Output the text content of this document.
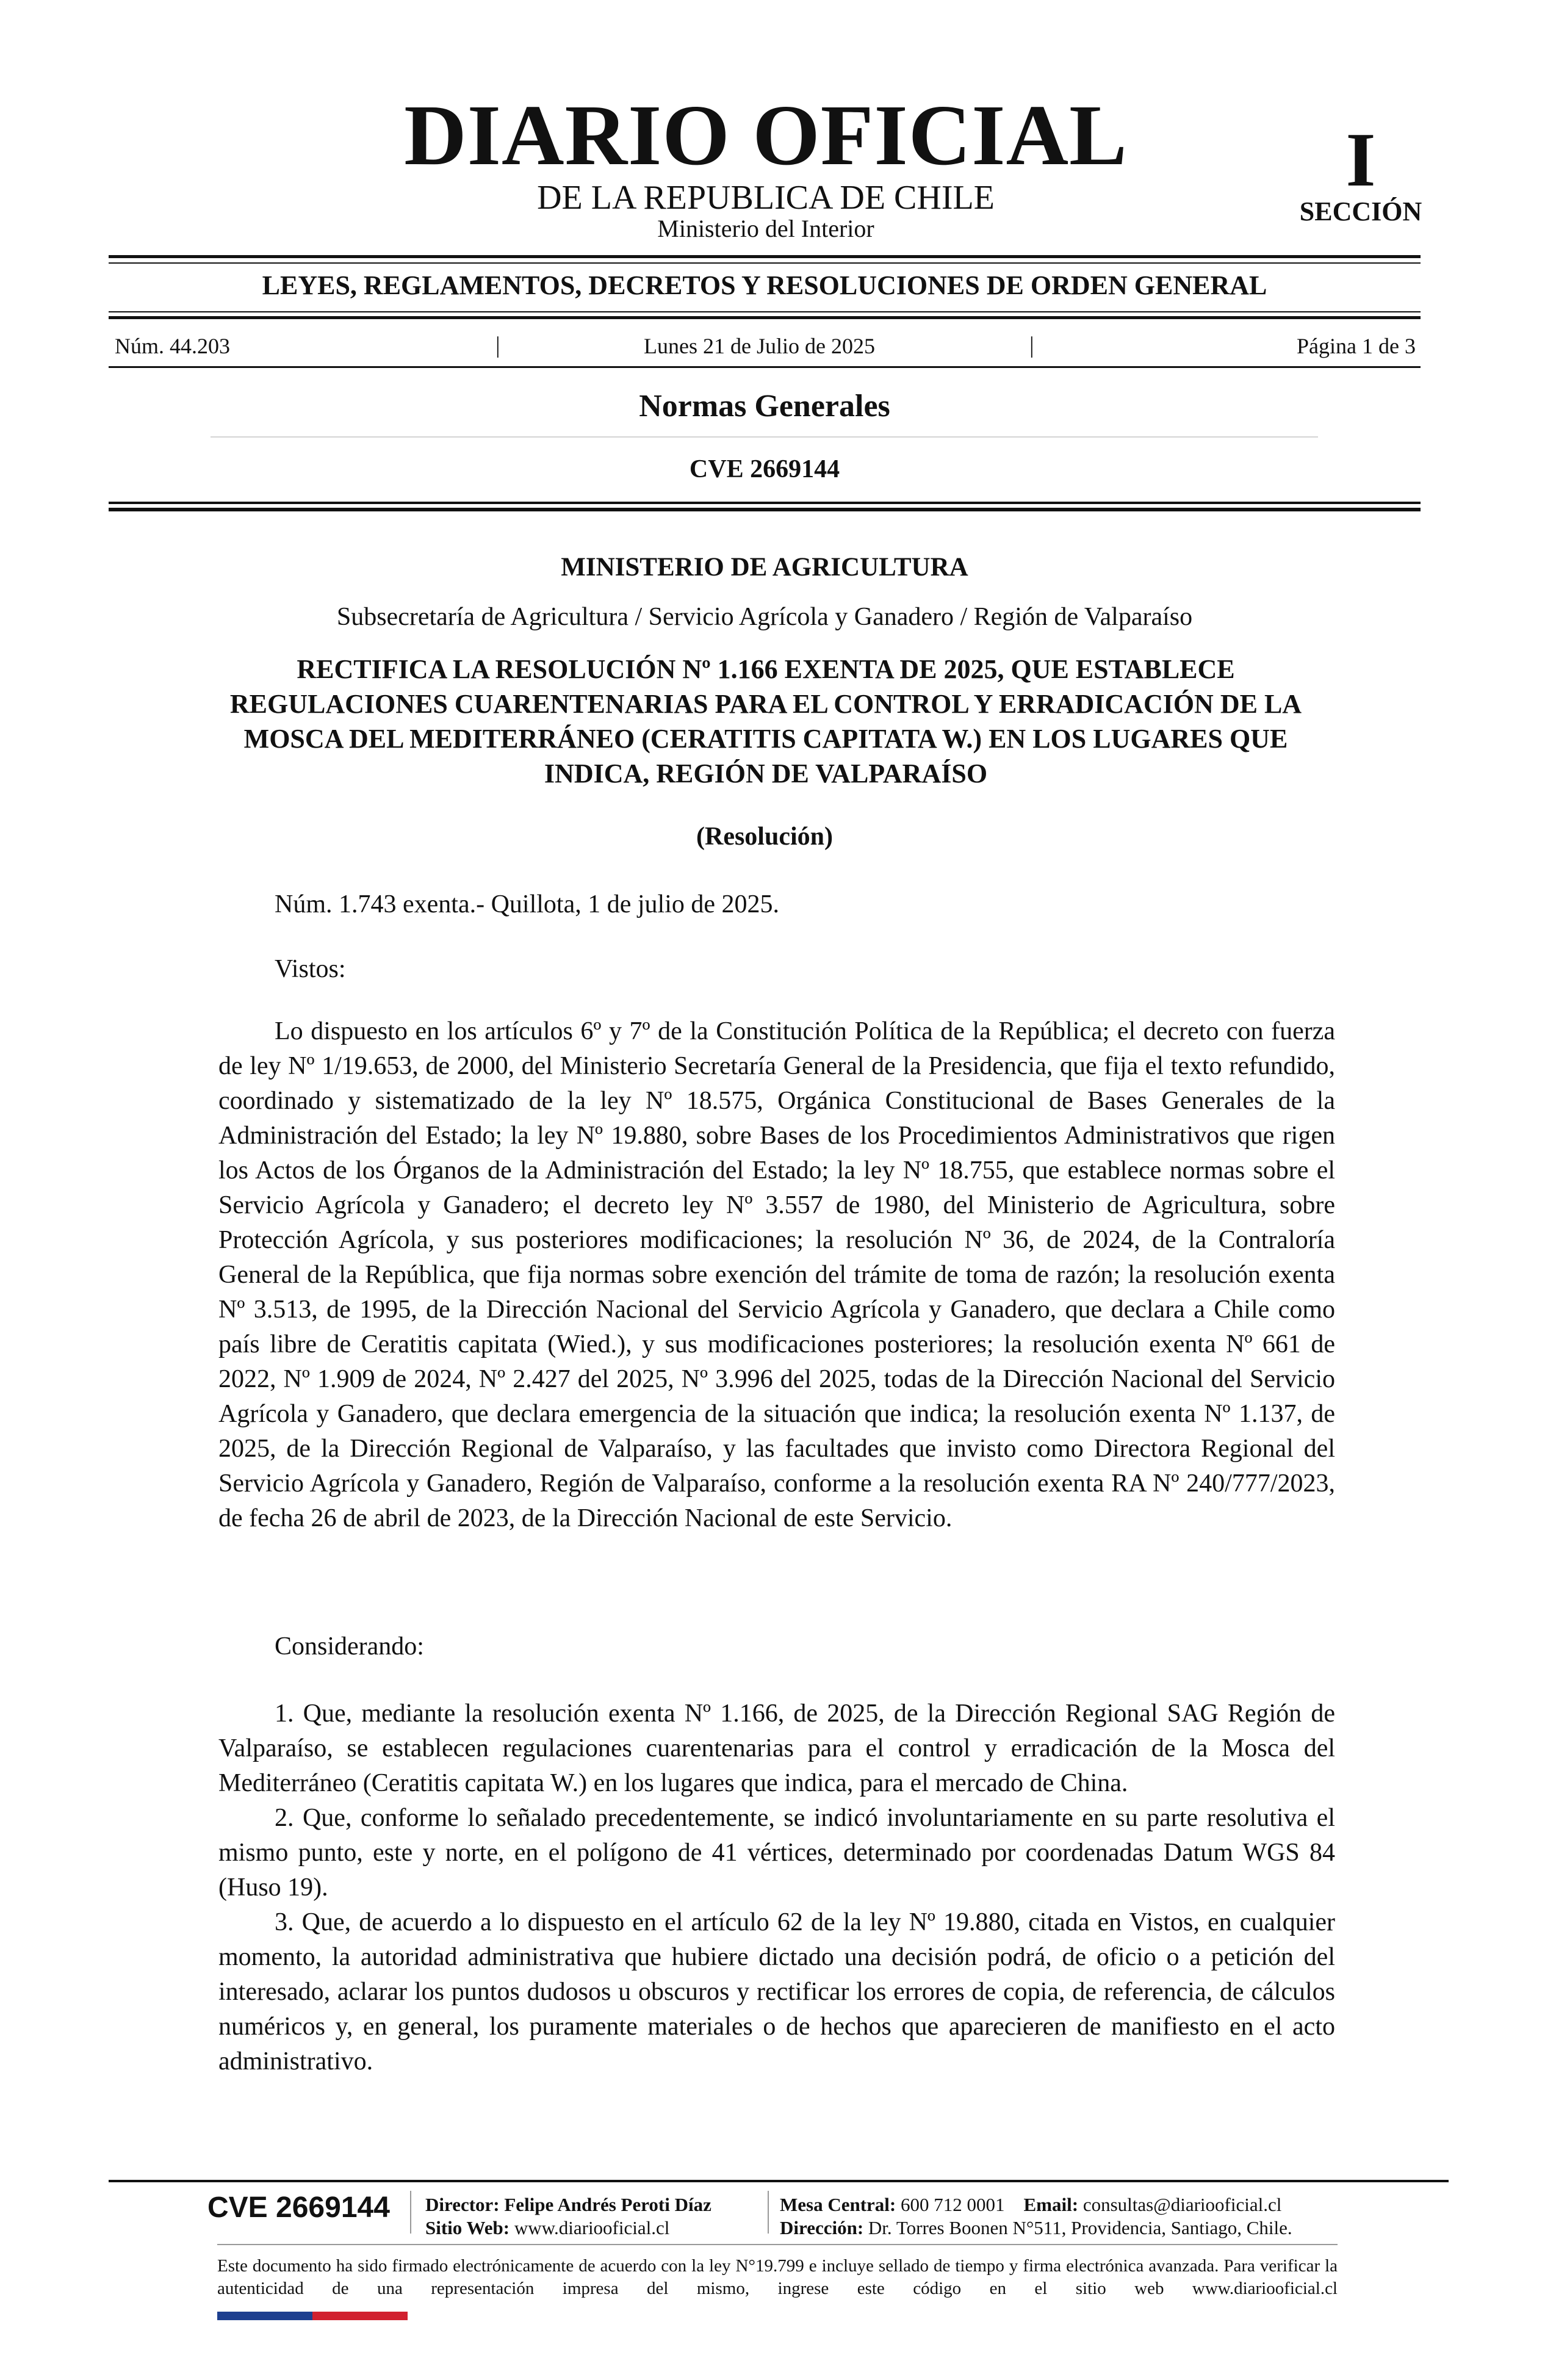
DIARIO OFICIAL
DE LA REPUBLICA DE CHILE
Ministerio del Interior
I
SECCIÓN
LEYES, REGLAMENTOS, DECRETOS Y RESOLUCIONES DE ORDEN GENERAL
Núm. 44.203	|	Lunes 21 de Julio de 2025	|	Página 1 de 3
Normas Generales
CVE 2669144
MINISTERIO DE AGRICULTURA
Subsecretaría de Agricultura / Servicio Agrícola y Ganadero / Región de Valparaíso
RECTIFICA LA RESOLUCIÓN Nº 1.166 EXENTA DE 2025, QUE ESTABLECE REGULACIONES CUARENTENARIAS PARA EL CONTROL Y ERRADICACIÓN DE LA MOSCA DEL MEDITERRÁNEO (CERATITIS CAPITATA W.) EN LOS LUGARES QUE INDICA, REGIÓN DE VALPARAÍSO
(Resolución)
Núm. 1.743 exenta.- Quillota, 1 de julio de 2025.
Vistos:
Lo dispuesto en los artículos 6º y 7º de la Constitución Política de la República; el decreto con fuerza de ley Nº 1/19.653, de 2000, del Ministerio Secretaría General de la Presidencia, que fija el texto refundido, coordinado y sistematizado de la ley Nº 18.575, Orgánica Constitucional de Bases Generales de la Administración del Estado; la ley Nº 19.880, sobre Bases de los Procedimientos Administrativos que rigen los Actos de los Órganos de la Administración del Estado; la ley Nº 18.755, que establece normas sobre el Servicio Agrícola y Ganadero; el decreto ley Nº 3.557 de 1980, del Ministerio de Agricultura, sobre Protección Agrícola, y sus posteriores modificaciones; la resolución Nº 36, de 2024, de la Contraloría General de la República, que fija normas sobre exención del trámite de toma de razón; la resolución exenta Nº 3.513, de 1995, de la Dirección Nacional del Servicio Agrícola y Ganadero, que declara a Chile como país libre de Ceratitis capitata (Wied.), y sus modificaciones posteriores; la resolución exenta Nº 661 de 2022, Nº 1.909 de 2024, Nº 2.427 del 2025, Nº 3.996 del 2025, todas de la Dirección Nacional del Servicio Agrícola y Ganadero, que declara emergencia de la situación que indica; la resolución exenta Nº 1.137, de 2025, de la Dirección Regional de Valparaíso, y las facultades que invisto como Directora Regional del Servicio Agrícola y Ganadero, Región de Valparaíso, conforme a la resolución exenta RA Nº 240/777/2023, de fecha 26 de abril de 2023, de la Dirección Nacional de este Servicio.
Considerando:

1. Que, mediante la resolución exenta Nº 1.166, de 2025, de la Dirección Regional SAG Región de Valparaíso, se establecen regulaciones cuarentenarias para el control y erradicación de la Mosca del Mediterráneo (Ceratitis capitata W.) en los lugares que indica, para el mercado de China.

2. Que, conforme lo señalado precedentemente, se indicó involuntariamente en su parte resolutiva el mismo punto, este y norte, en el polígono de 41 vértices, determinado por coordenadas Datum WGS 84 (Huso 19).

3. Que, de acuerdo a lo dispuesto en el artículo 62 de la ley Nº 19.880, citada en Vistos, en cualquier momento, la autoridad administrativa que hubiere dictado una decisión podrá, de oficio o a petición del interesado, aclarar los puntos dudosos u obscuros y rectificar los errores de copia, de referencia, de cálculos numéricos y, en general, los puramente materiales o de hechos que aparecieren de manifiesto en el acto administrativo.

CVE 2669144 Director: Felipe Andrés Peroti Díaz
Sitio Web: www.diariooficial.cl
Mesa Central: 600 712 0001 Email: consultas@diariooficial.cl
Dirección: Dr. Torres Boonen N°511, Providencia, Santiago, Chile.
Este documento ha sido firmado electrónicamente de acuerdo con la ley N°19.799 e incluye sellado de tiempo y firma electrónica avanzada. Para verificar la autenticidad de una representación impresa del mismo, ingrese este código en el sitio web www.diariooficial.cl
